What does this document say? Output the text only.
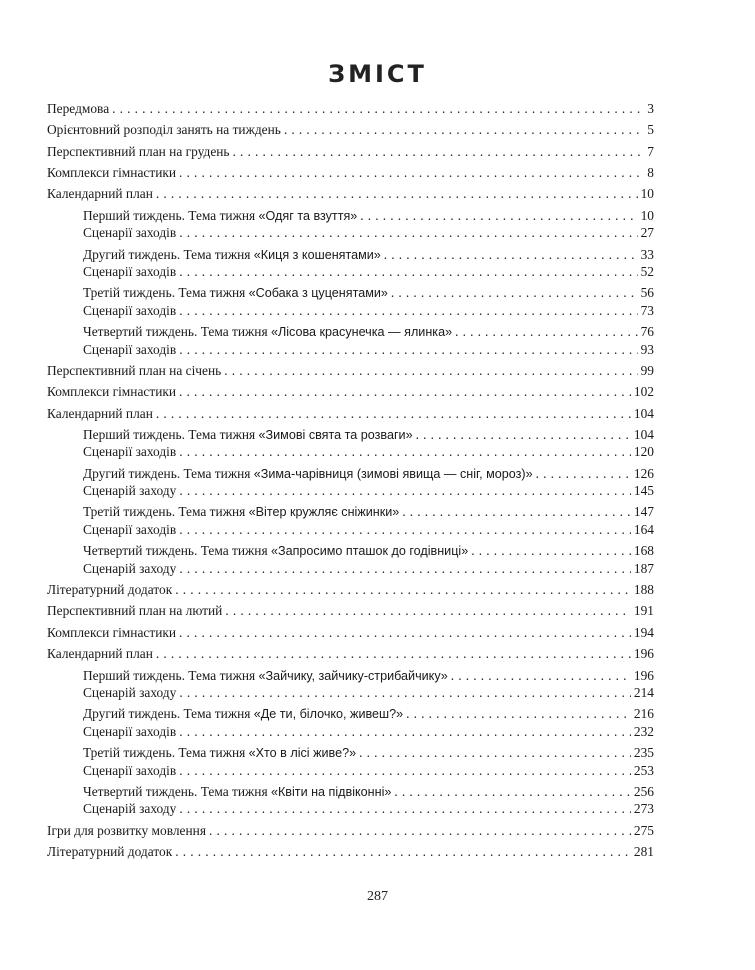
ЗМІСТ
Передмова . . .	3
Орієнтовний розподіл занять на тиждень . . .	5
Перспективний план на грудень . . .	7
Комплекси гімнастики . . .	8
Календарний план . . .	10
Перший тиждень. Тема тижня «Одяг та взуття» . . .	10
Сценарії заходів . . .	27
Другий тиждень. Тема тижня «Киця з кошенятами» . . .	33
Сценарії заходів . . .	52
Третій тиждень. Тема тижня «Собака з цуценятами» . . .	56
Сценарії заходів . . .	73
Четвертий тиждень. Тема тижня «Лісова красунечка — ялинка» . . .	76
Сценарії заходів . . .	93
Перспективний план на січень . . .	99
Комплекси гімнастики . . .	102
Календарний план . . .	104
Перший тиждень. Тема тижня «Зимові свята та розваги» . . .	104
Сценарії заходів . . .	120
Другий тиждень. Тема тижня «Зима-чарівниця (зимові явища — сніг, мороз)» . . .	126
Сценарій заходу . . .	145
Третій тиждень. Тема тижня «Вітер кружляє сніжинки» . . .	147
Сценарії заходів . . .	164
Четвертий тиждень. Тема тижня «Запросимо пташок до годівниці» . . .	168
Сценарій заходу . . .	187
Літературний додаток . . .	188
Перспективний план на лютий . . .	191
Комплекси гімнастики . . .	194
Календарний план . . .	196
Перший тиждень. Тема тижня «Зайчику, зайчику-стрибайчику» . . .	196
Сценарій заходу . . .	214
Другий тиждень. Тема тижня «Де ти, білочко, живеш?» . . .	216
Сценарії заходів . . .	232
Третій тиждень. Тема тижня «Хто в лісі живе?» . . .	235
Сценарії заходів . . .	253
Четвертий тиждень. Тема тижня «Квіти на підвіконні» . . .	256
Сценарій заходу . . .	273
Ігри для розвитку мовлення . . .	275
Літературний додаток . . .	281
287
